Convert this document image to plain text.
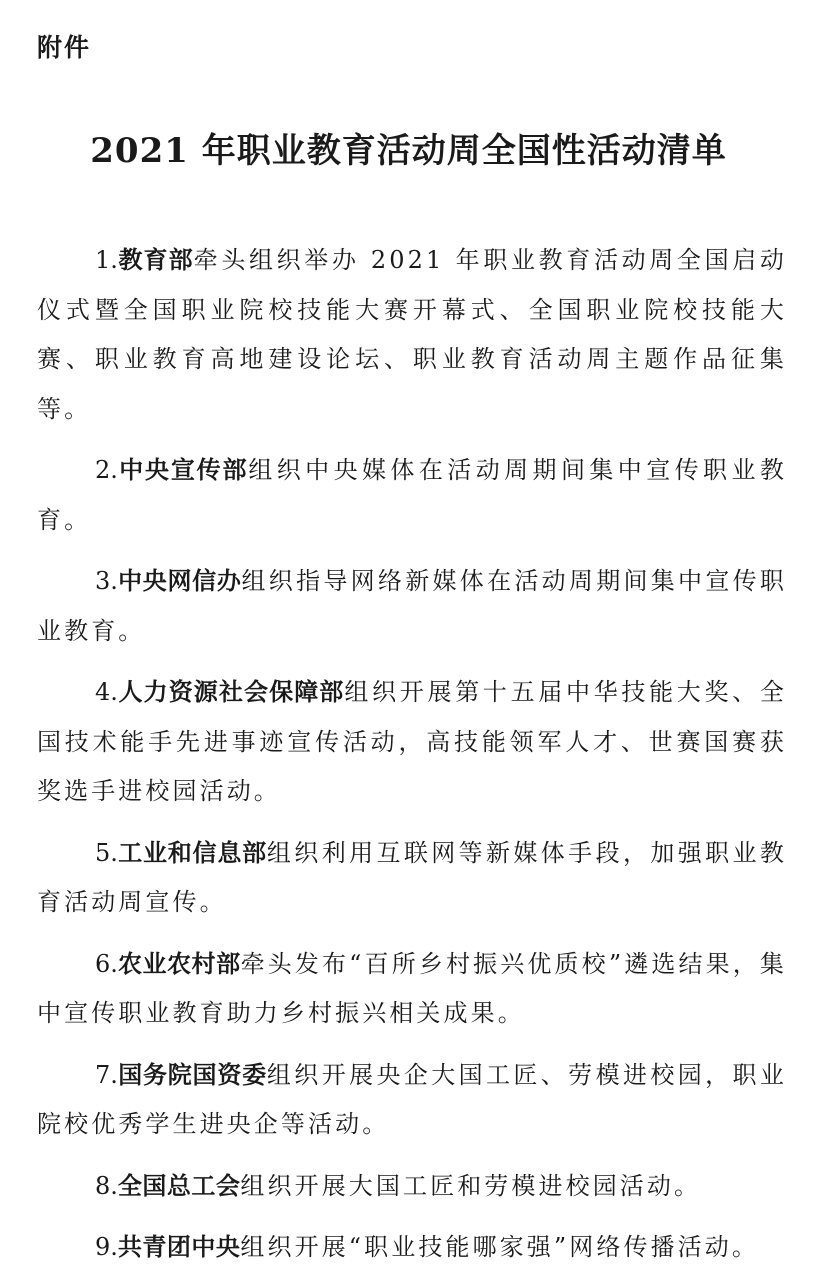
附件
2021 年职业教育活动周全国性活动清单
1.教育部牵头组织举办 2021 年职业教育活动周全国启动仪式暨全国职业院校技能大赛开幕式、全国职业院校技能大赛、职业教育高地建设论坛、职业教育活动周主题作品征集等。
2.中央宣传部组织中央媒体在活动周期间集中宣传职业教育。
3.中央网信办组织指导网络新媒体在活动周期间集中宣传职业教育。
4.人力资源社会保障部组织开展第十五届中华技能大奖、全国技术能手先进事迹宣传活动，高技能领军人才、世赛国赛获奖选手进校园活动。
5.工业和信息部组织利用互联网等新媒体手段，加强职业教育活动周宣传。
6.农业农村部牵头发布“百所乡村振兴优质校”遴选结果，集中宣传职业教育助力乡村振兴相关成果。
7.国务院国资委组织开展央企大国工匠、劳模进校园，职业院校优秀学生进央企等活动。
8.全国总工会组织开展大国工匠和劳模进校园活动。
9.共青团中央组织开展“职业技能哪家强”网络传播活动。
